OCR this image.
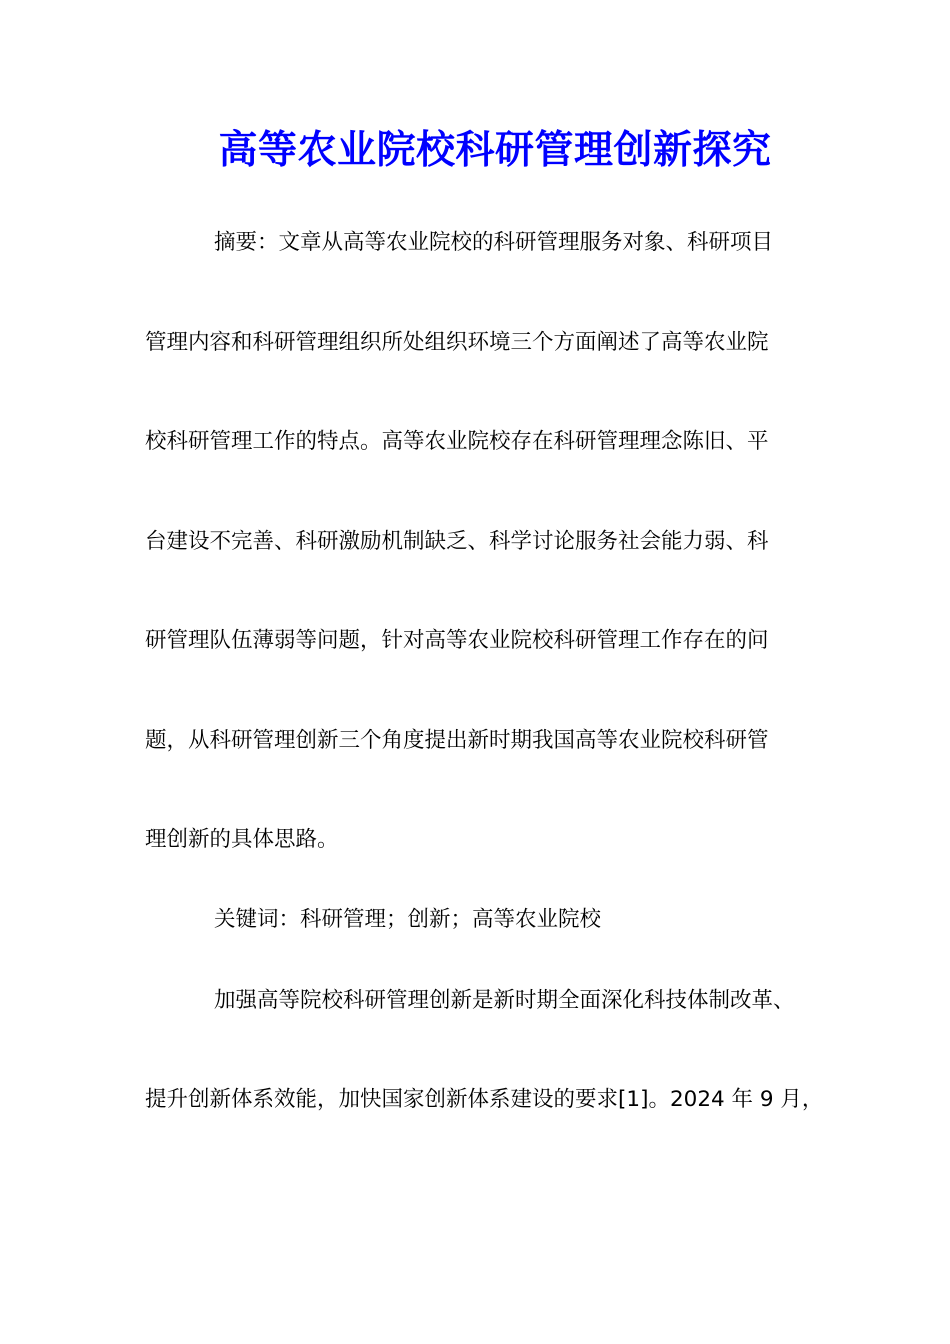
高等农业院校科研管理创新探究
摘要：文章从高等农业院校的科研管理服务对象、科研项目
管理内容和科研管理组织所处组织环境三个方面阐述了高等农业院
校科研管理工作的特点。高等农业院校存在科研管理理念陈旧、平
台建设不完善、科研激励机制缺乏、科学讨论服务社会能力弱、科
研管理队伍薄弱等问题，针对高等农业院校科研管理工作存在的问
题，从科研管理创新三个角度提出新时期我国高等农业院校科研管
理创新的具体思路。
关键词：科研管理；创新；高等农业院校
加强高等院校科研管理创新是新时期全面深化科技体制改革、
提升创新体系效能，加快国家创新体系建设的要求[1]。2024 年 9 月，
